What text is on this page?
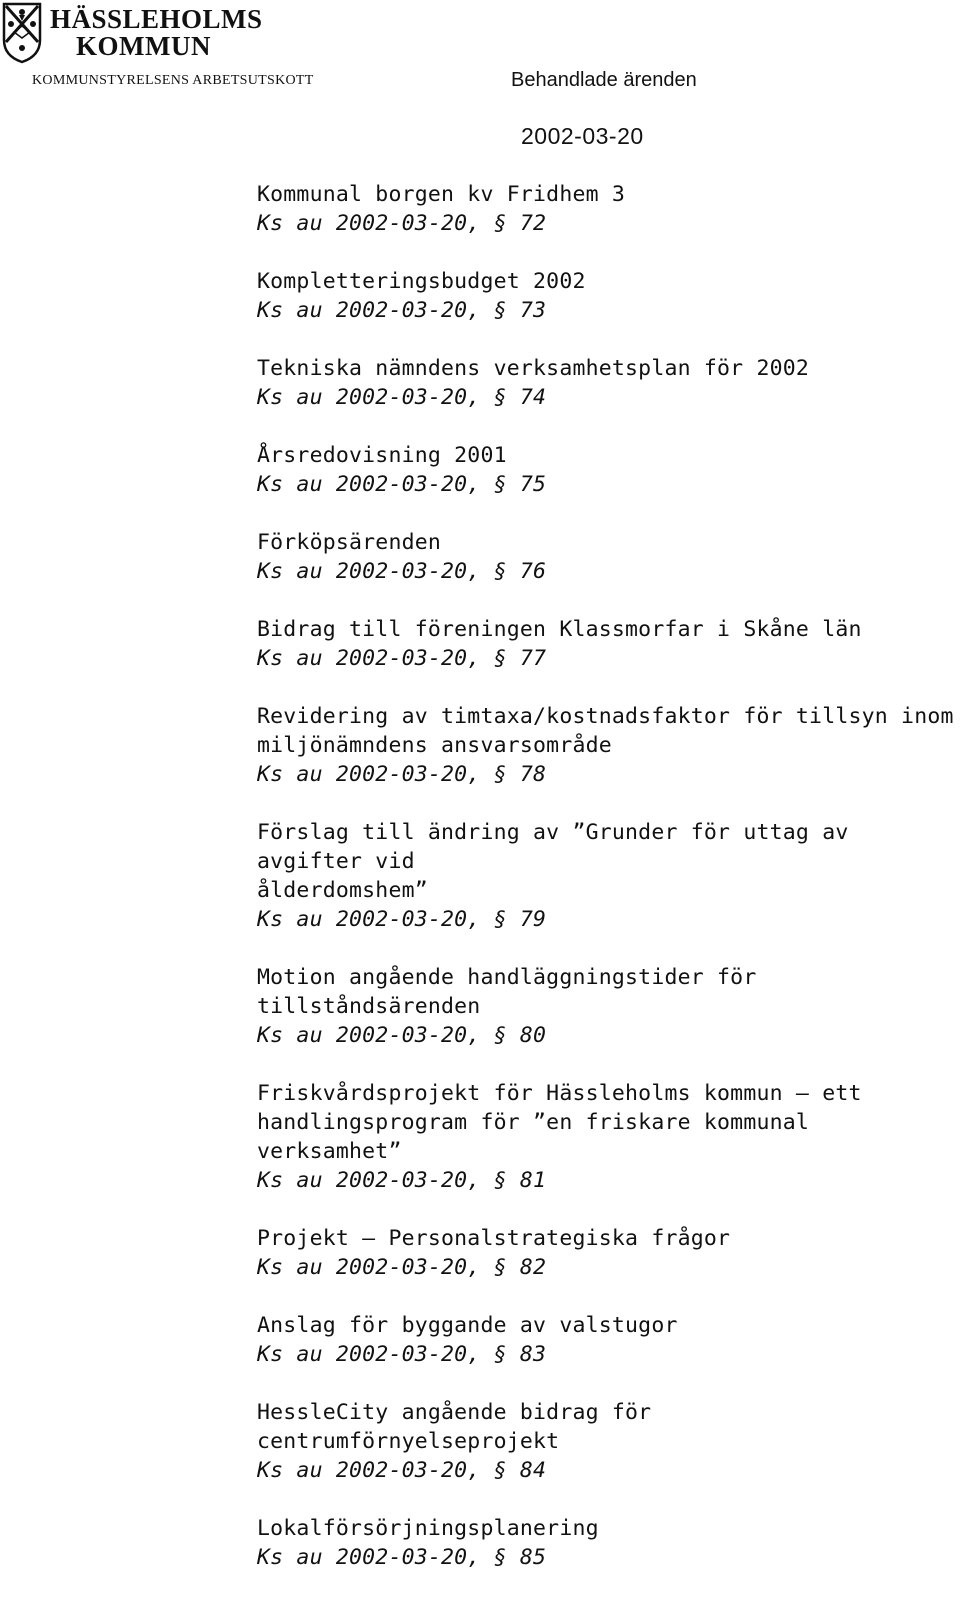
HÄSSLEHOLMS
KOMMUN
KOMMUNSTYRELSENS ARBETSUTSKOTT	Behandlade ärenden
2002-03-20
Kommunal borgen kv Fridhem 3
Ks au 2002-03-20, § 72
Kompletteringsbudget 2002
Ks au 2002-03-20, § 73
Tekniska nämndens verksamhetsplan för 2002
Ks au 2002-03-20, § 74
Årsredovisning 2001
Ks au 2002-03-20, § 75
Förköpsärenden
Ks au 2002-03-20, § 76
Bidrag till föreningen Klassmorfar i Skåne län
Ks au 2002-03-20, § 77
Revidering av timtaxa/kostnadsfaktor för tillsyn inom
miljönämndens ansvarsområde
Ks au 2002-03-20, § 78
Förslag till ändring av ”Grunder för uttag av avgifter vid
ålderdomshem”
Ks au 2002-03-20, § 79
Motion angående handläggningstider för tillståndsärenden
Ks au 2002-03-20, § 80
Friskvårdsprojekt för Hässleholms kommun – ett
handlingsprogram för ”en friskare kommunal verksamhet”
Ks au 2002-03-20, § 81
Projekt – Personalstrategiska frågor
Ks au 2002-03-20, § 82
Anslag för byggande av valstugor
Ks au 2002-03-20, § 83
HessleCity angående bidrag för centrumförnyelseprojekt
Ks au 2002-03-20, § 84
Lokalförsörjningsplanering
Ks au 2002-03-20, § 85
